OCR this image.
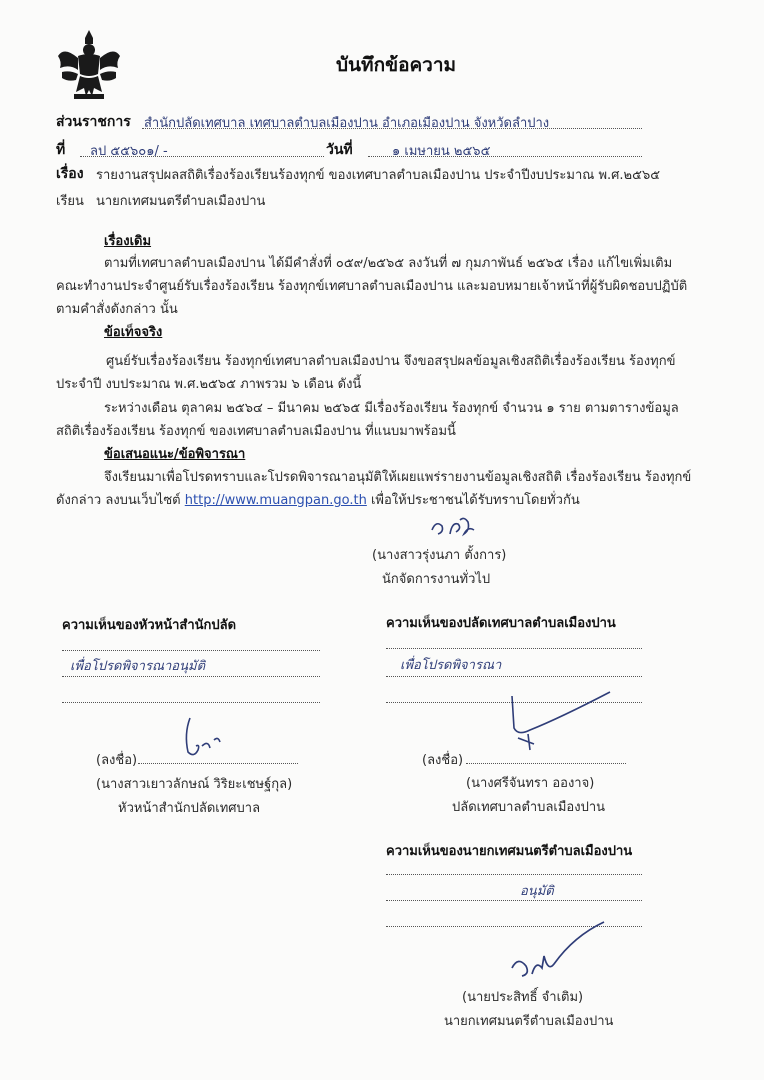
บันทึกข้อความ
ส่วนราชการ สำนักปลัดเทศบาล เทศบาลตำบลเมืองปาน อำเภอเมืองปาน จังหวัดลำปาง
ที่ ลป ๕๕๖๐๑/ -	วันที่	๑ เมษายน ๒๕๖๕
เรื่อง รายงานสรุปผลสถิติเรื่องร้องเรียนร้องทุกข์ ของเทศบาลตำบลเมืองปาน ประจำปีงบประมาณ พ.ศ.๒๕๖๕
เรียน นายกเทศมนตรีตำบลเมืองปาน
เรื่องเดิม
ตามที่เทศบาลตำบลเมืองปาน ได้มีคำสั่งที่ ๐๕๙/๒๕๖๕ ลงวันที่ ๗ กุมภาพันธ์ ๒๕๖๕ เรื่อง แก้ไขเพิ่มเติม
คณะทำงานประจำศูนย์รับเรื่องร้องเรียน ร้องทุกข์เทศบาลตำบลเมืองปาน และมอบหมายเจ้าหน้าที่ผู้รับผิดชอบปฏิบัติ
ตามคำสั่งดังกล่าว นั้น
ข้อเท็จจริง
ศูนย์รับเรื่องร้องเรียน ร้องทุกข์เทศบาลตำบลเมืองปาน จึงขอสรุปผลข้อมูลเชิงสถิติเรื่องร้องเรียน ร้องทุกข์
ประจำปี งบประมาณ พ.ศ.๒๕๖๕ ภาพรวม ๖ เดือน ดังนี้
ระหว่างเดือน ตุลาคม ๒๕๖๔ – มีนาคม ๒๕๖๕ มีเรื่องร้องเรียน ร้องทุกข์ จำนวน ๑ ราย ตามตารางข้อมูล
สถิติเรื่องร้องเรียน ร้องทุกข์ ของเทศบาลตำบลเมืองปาน ที่แนบมาพร้อมนี้
ข้อเสนอแนะ/ข้อพิจารณา
จึงเรียนมาเพื่อโปรดทราบและโปรดพิจารณาอนุมัติให้เผยแพร่รายงานข้อมูลเชิงสถิติ เรื่องร้องเรียน ร้องทุกข์
ดังกล่าว ลงบนเว็บไซต์ http://www.muangpan.go.th เพื่อให้ประชาชนได้รับทราบโดยทั่วกัน
(นางสาวรุ่งนภา ตั้งการ)
นักจัดการงานทั่วไป
ความเห็นของหัวหน้าสำนักปลัด
เพื่อโปรดพิจารณาอนุมัติ
(ลงชื่อ)
(นางสาวเยาวลักษณ์ วิริยะเชษฐ์กุล)
หัวหน้าสำนักปลัดเทศบาล
ความเห็นของปลัดเทศบาลตำบลเมืองปาน
เพื่อโปรดพิจารณา
(ลงชื่อ)
(นางศรีจันทรา อองาจ)
ปลัดเทศบาลตำบลเมืองปาน
ความเห็นของนายกเทศมนตรีตำบลเมืองปาน
อนุมัติ
(นายประสิทธิ์ จำเติม)
นายกเทศมนตรีตำบลเมืองปาน
